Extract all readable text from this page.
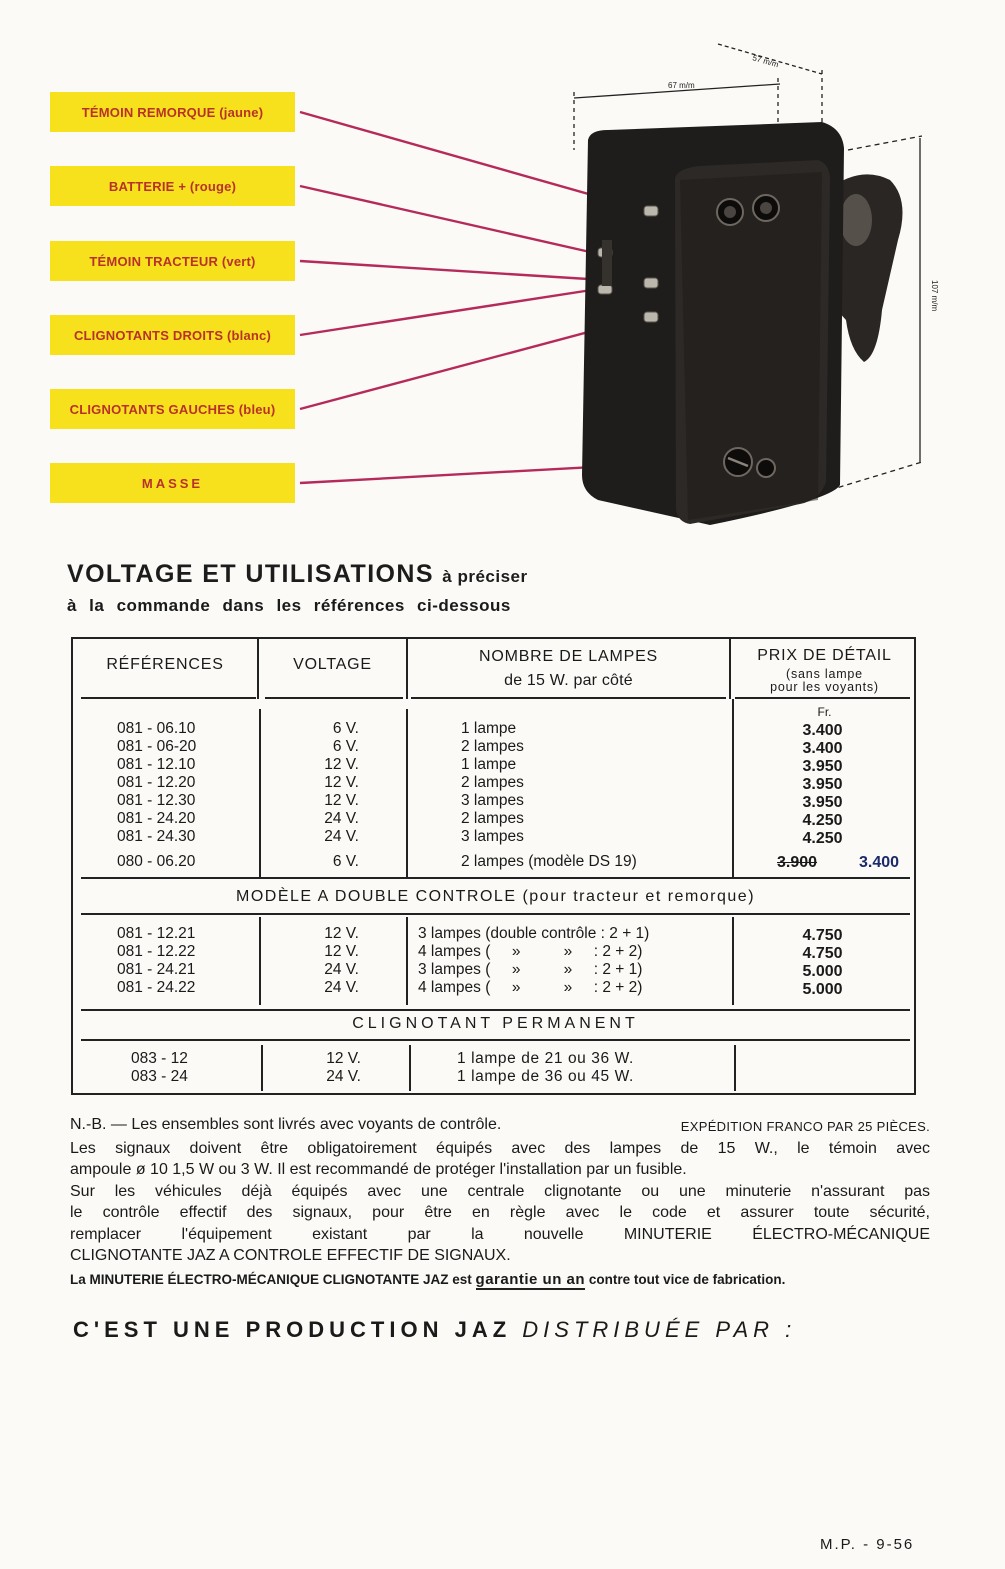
TÉMOIN REMORQUE (jaune)
BATTERIE + (rouge)
TÉMOIN TRACTEUR (vert)
CLIGNOTANTS DROITS (blanc)
CLIGNOTANTS GAUCHES (bleu)
MASSE
57 m/m
67 m/m
107 m/m
VOLTAGE ET UTILISATIONS à préciser
à la commande dans les références ci-dessous
RÉFÉRENCES	VOLTAGE	NOMBRE DE LAMPES
de 15 W. par côté
PRIX DE DÉTAIL
(sans lampe
pour les voyants)
Fr.
081 - 06.10	6 V.	1 lampe	3.400
081 - 06-20	6 V.	2 lampes	3.400
081 - 12.10	12 V.	1 lampe	3.950
081 - 12.20	12 V.	2 lampes	3.950
081 - 12.30	12 V.	3 lampes	3.950
081 - 24.20	24 V.	2 lampes	4.250
081 - 24.30	24 V.	3 lampes	4.250
080 - 06.20	6 V.	2 lampes (modèle DS 19)	3.900	3.400
MODÈLE A DOUBLE CONTROLE (pour tracteur et remorque)
081 - 12.21	12 V.	3 lampes (double contrôle : 2 + 1)	4.750
081 - 12.22	12 V.	4 lampes (     »          »     : 2 + 2)	4.750
081 - 24.21	24 V.	3 lampes (     »          »     : 2 + 1)	5.000
081 - 24.22	24 V.	4 lampes (     »          »     : 2 + 2)	5.000
CLIGNOTANT PERMANENT
083 - 12	12 V.	1 lampe de 21 ou 36 W.
083 - 24	24 V.	1 lampe de 36 ou 45 W.

N.-B. — Les ensembles sont livrés avec voyants de contrôle.	EXPÉDITION FRANCO PAR 25 PIÈCES.

Les signaux doivent être obligatoirement équipés avec des lampes de 15 W., le témoin avec

ampoule ø 10 1,5 W ou 3 W. Il est recommandé de protéger l'installation par un fusible.

Sur les véhicules déjà équipés avec une centrale clignotante ou une minuterie n'assurant pas

le contrôle effectif des signaux, pour être en règle avec le code et assurer toute sécurité,

remplacer l'équipement existant par la nouvelle MINUTERIE ÉLECTRO-MÉCANIQUE

CLIGNOTANTE JAZ A CONTROLE EFFECTIF DE SIGNAUX.

La MINUTERIE ÉLECTRO-MÉCANIQUE CLIGNOTANTE JAZ est garantie un an contre tout vice de fabrication.
C'EST UNE PRODUCTION JAZ DISTRIBUÉE PAR :
M.P. - 9-56
